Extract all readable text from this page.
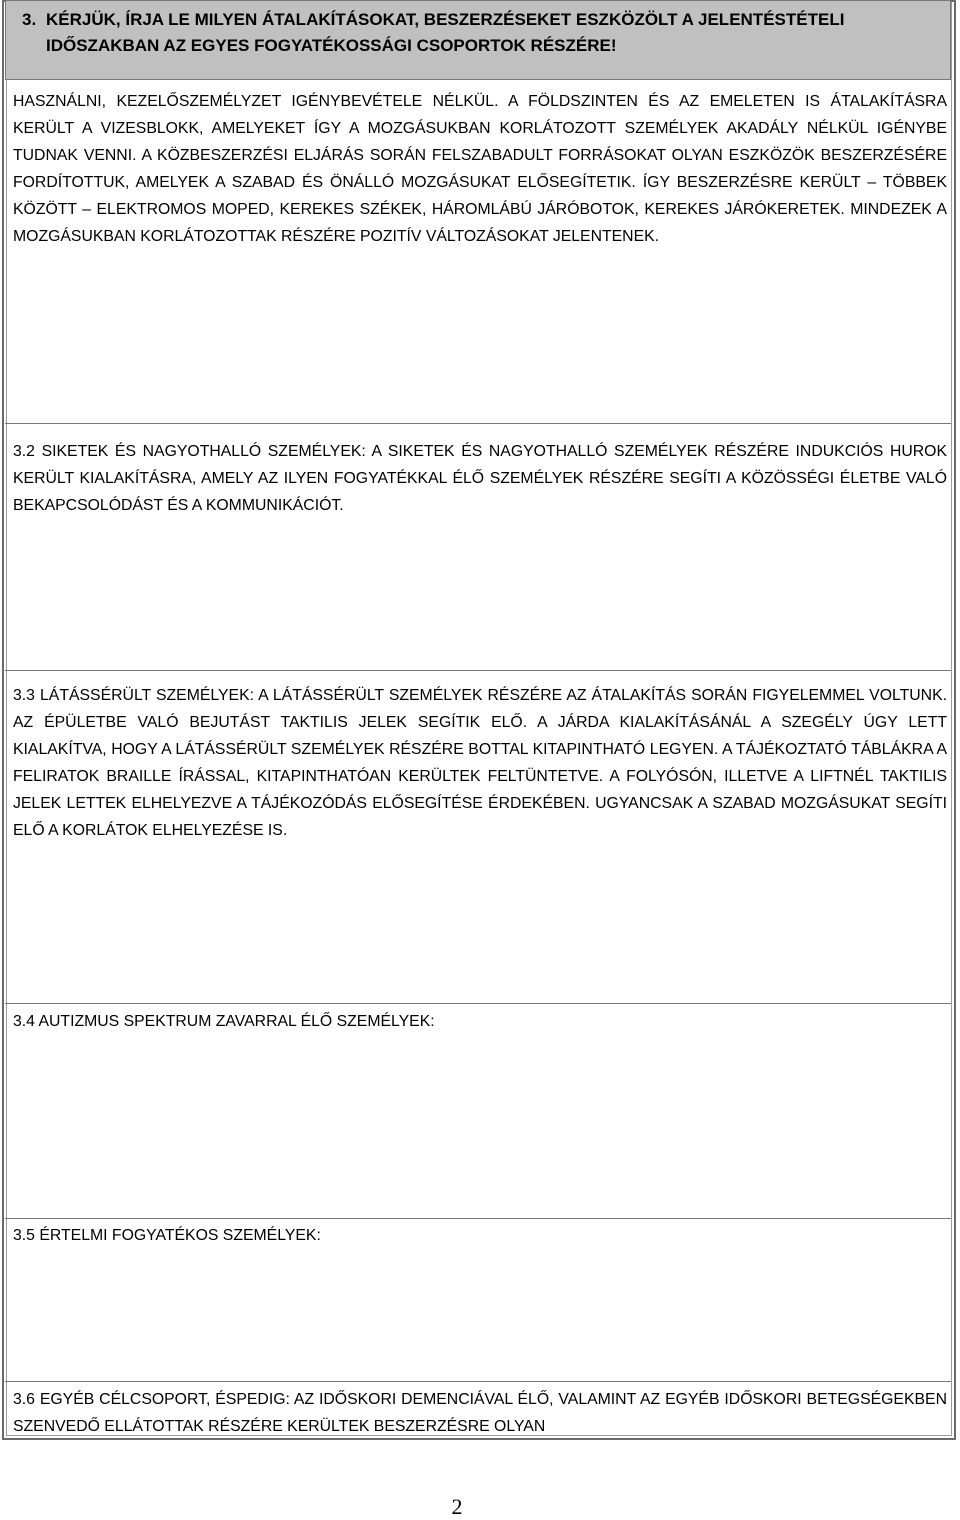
3. KÉRJÜK, ÍRJA LE MILYEN ÁTALAKÍTÁSOKAT, BESZERZÉSEKET ESZKÖZÖLT A JELENTÉSTÉTELI IDŐSZAKBAN AZ EGYES FOGYATÉKOSSÁGI CSOPORTOK RÉSZÉRE!

HASZNÁLNI, KEZELŐSZEMÉLYZET IGÉNYBEVÉTELE NÉLKÜL. A FÖLDSZINTEN ÉS AZ EMELETEN IS ÁTALAKÍTÁSRA KERÜLT A VIZESBLOKK, AMELYEKET ÍGY A MOZGÁSUKBAN KORLÁTOZOTT SZEMÉLYEK AKADÁLY NÉLKÜL IGÉNYBE TUDNAK VENNI. A KÖZBESZERZÉSI ELJÁRÁS SORÁN FELSZABADULT FORRÁSOKAT OLYAN ESZKÖZÖK BESZERZÉSÉRE FORDÍTOTTUK, AMELYEK A SZABAD ÉS ÖNÁLLÓ MOZGÁSUKAT ELŐSEGÍTETIK. ÍGY BESZERZÉSRE KERÜLT – TÖBBEK KÖZÖTT – ELEKTROMOS MOPED, KEREKES SZÉKEK, HÁROMLÁBÚ JÁRÓBOTOK, KEREKES JÁRÓKERETEK. MINDEZEK A MOZGÁSUKBAN KORLÁTOZOTTAK RÉSZÉRE POZITÍV VÁLTOZÁSOKAT JELENTENEK.

3.2 SIKETEK ÉS NAGYOTHALLÓ SZEMÉLYEK: A SIKETEK ÉS NAGYOTHALLÓ SZEMÉLYEK RÉSZÉRE INDUKCIÓS HUROK KERÜLT KIALAKÍTÁSRA, AMELY AZ ILYEN FOGYATÉKKAL ÉLŐ SZEMÉLYEK RÉSZÉRE SEGÍTI A KÖZÖSSÉGI ÉLETBE VALÓ BEKAPCSOLÓDÁST ÉS A KOMMUNIKÁCIÓT.

3.3 LÁTÁSSÉRÜLT SZEMÉLYEK: A LÁTÁSSÉRÜLT SZEMÉLYEK RÉSZÉRE AZ ÁTALAKÍTÁS SORÁN FIGYELEMMEL VOLTUNK. AZ ÉPÜLETBE VALÓ BEJUTÁST TAKTILIS JELEK SEGÍTIK ELŐ. A JÁRDA KIALAKÍTÁSÁNÁL A SZEGÉLY ÚGY LETT KIALAKÍTVA, HOGY A LÁTÁSSÉRÜLT SZEMÉLYEK RÉSZÉRE BOTTAL KITAPINTHATÓ LEGYEN. A TÁJÉKOZTATÓ TÁBLÁKRA A FELIRATOK BRAILLE ÍRÁSSAL, KITAPINTHATÓAN KERÜLTEK FELTÜNTETVE. A FOLYÓSÓN, ILLETVE A LIFTNÉL TAKTILIS JELEK LETTEK ELHELYEZVE A TÁJÉKOZÓDÁS ELŐSEGÍTÉSE ÉRDEKÉBEN. UGYANCSAK A SZABAD MOZGÁSUKAT SEGÍTI ELŐ A KORLÁTOK ELHELYEZÉSE IS.

3.4 AUTIZMUS SPEKTRUM ZAVARRAL ÉLŐ SZEMÉLYEK:

3.5 ÉRTELMI FOGYATÉKOS SZEMÉLYEK:

3.6 EGYÉB CÉLCSOPORT, ÉSPEDIG: AZ IDŐSKORI DEMENCIÁVAL ÉLŐ, VALAMINT AZ EGYÉB IDŐSKORI BETEGSÉGEKBEN SZENVEDŐ ELLÁTOTTAK RÉSZÉRE KERÜLTEK BESZERZÉSRE OLYAN

2
